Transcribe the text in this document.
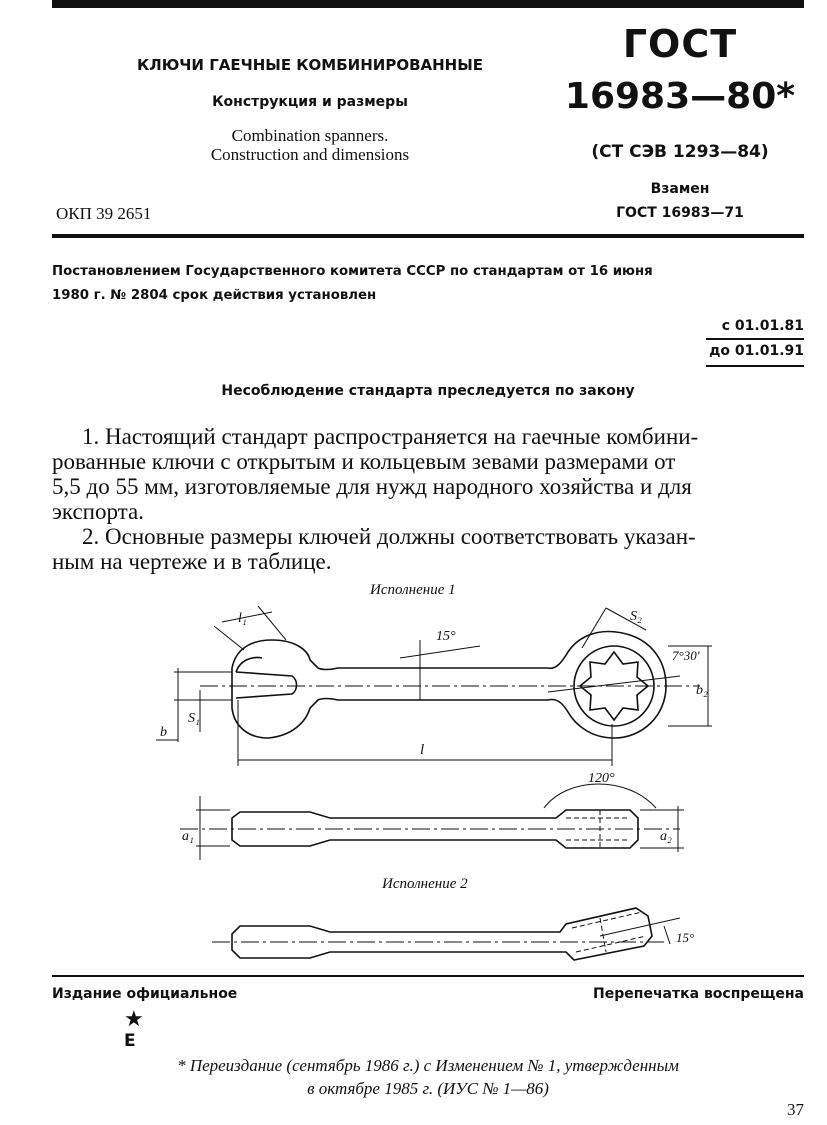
КЛЮЧИ ГАЕЧНЫЕ КОМБИНИРОВАННЫЕ
Конструкция и размеры
Combination spanners.
Construction and dimensions
ОКП 39 2651
ГОСТ
16983—80*
(СТ СЭВ 1293—84)
Взамен
ГОСТ 16983—71
Постановлением Государственного комитета СССР по стандартам от 16 июня
1980 г. № 2804 срок действия установлен
с 01.01.81
до 01.01.91
Несоблюдение стандарта преследуется по закону
1. Настоящий стандарт распространяется на гаечные комбини-
рованные ключи с открытым и кольцевым зевами размерами от
5,5 до 55 мм, изготовляемые для нужд народного хозяйства и для
экспорта.
2. Основные размеры ключей должны соответствовать указан-
ным на чертеже и в таблице.
Исполнение 1
l₁
15°
S₁
b
S₂
7°30'
b₂
l
120°
a₁	a₂
Исполнение 2
15°
Издание официальное	Перепечатка воспрещена
★
E
* Переиздание (сентябрь 1986 г.) с Изменением № 1, утвержденным
в октябре 1985 г. (ИУС № 1—86)
37
